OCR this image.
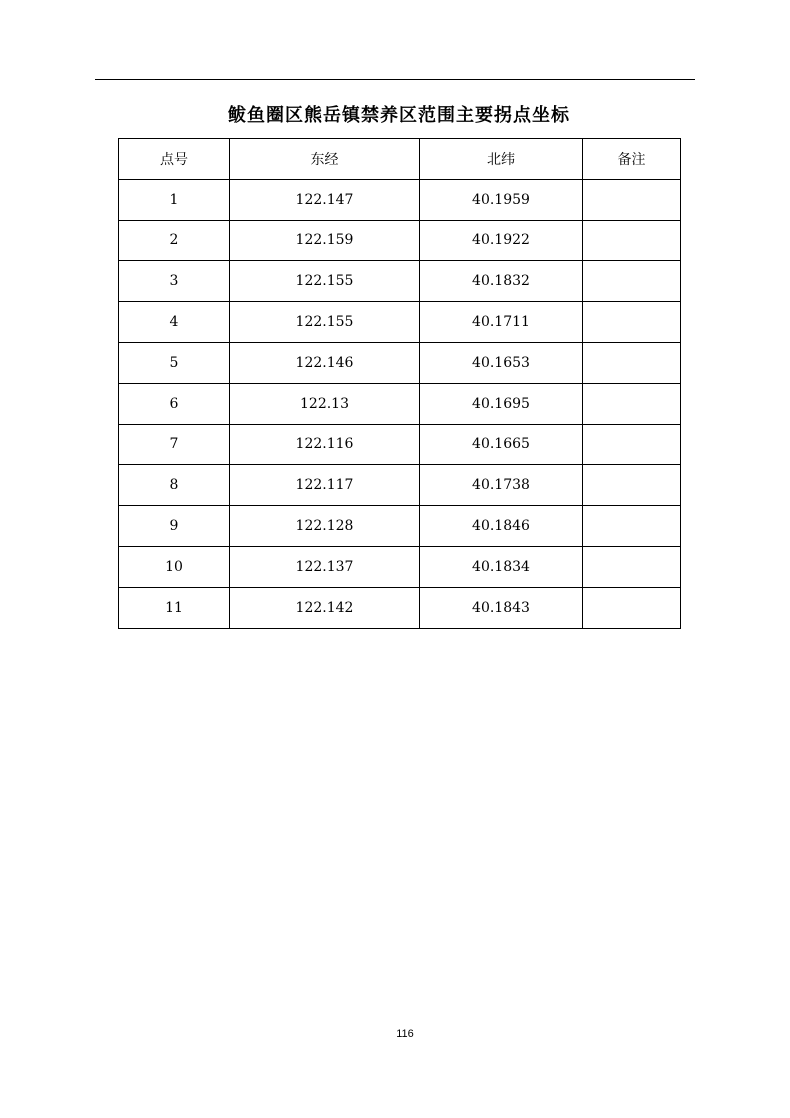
鲅鱼圈区熊岳镇禁养区范围主要拐点坐标
点号	东经	北纬	备注
1	122.147	40.1959	
2	122.159	40.1922	
3	122.155	40.1832	
4	122.155	40.1711	
5	122.146	40.1653	
6	122.13	40.1695	
7	122.116	40.1665	
8	122.117	40.1738	
9	122.128	40.1846	
10	122.137	40.1834	
11	122.142	40.1843	
116
